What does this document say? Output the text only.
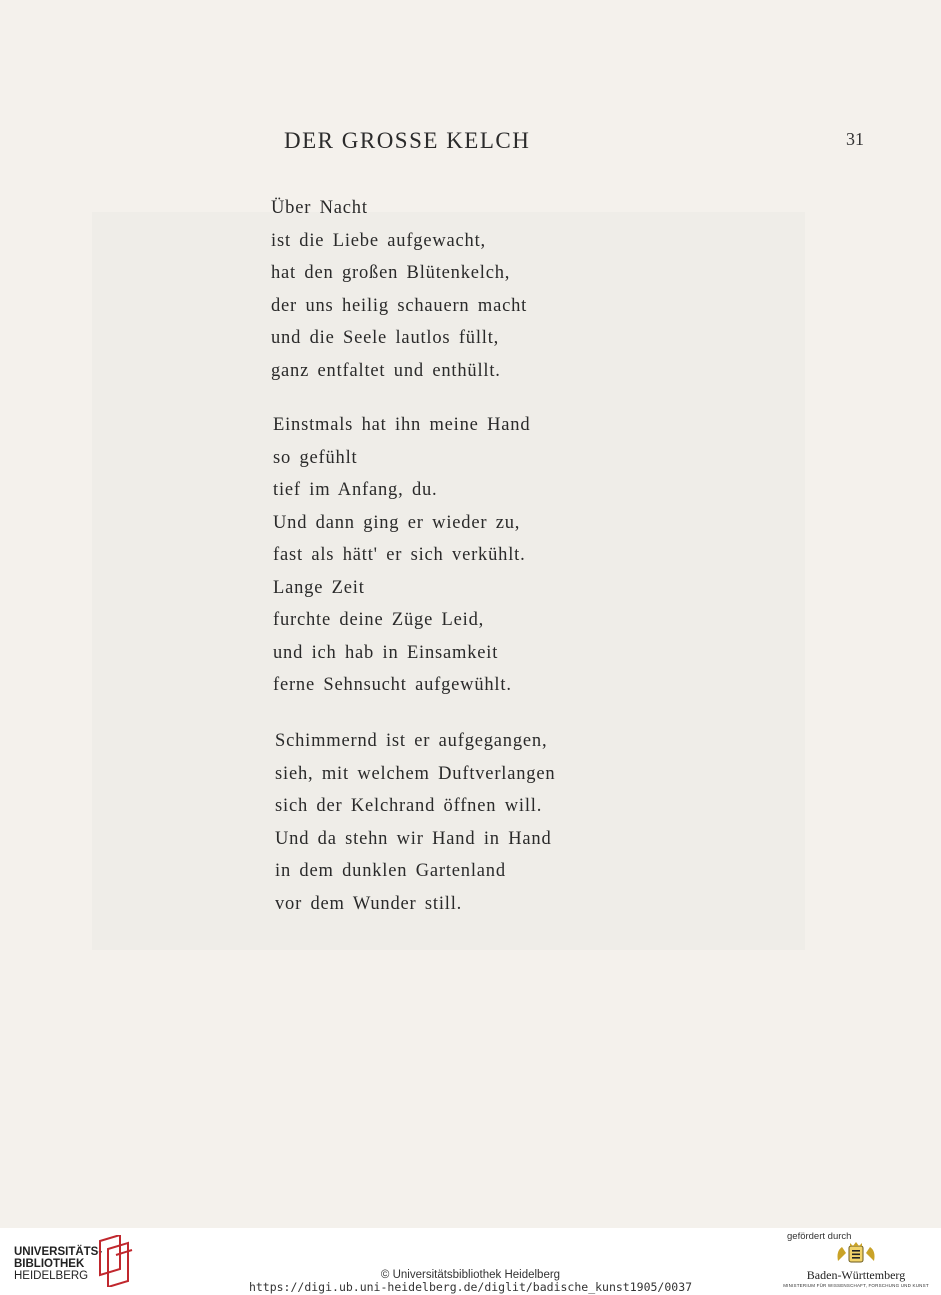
DER GROSSE KELCH	31
Über Nacht
ist die Liebe aufgewacht,
hat den großen Blütenkelch,
der uns heilig schauern macht
und die Seele lautlos füllt,
ganz entfaltet und enthüllt.
Einstmals hat ihn meine Hand
so gefühlt
tief im Anfang, du.
Und dann ging er wieder zu,
fast als hätt' er sich verkühlt.
Lange Zeit
furchte deine Züge Leid,
und ich hab in Einsamkeit
ferne Sehnsucht aufgewühlt.
Schimmernd ist er aufgegangen,
sieh, mit welchem Duftverlangen
sich der Kelchrand öffnen will.
Und da stehn wir Hand in Hand
in dem dunklen Gartenland
vor dem Wunder still.
UNIVERSITÄTS-
BIBLIOTHEK
HEIDELBERG	© Universitätsbibliothek Heidelberg
https://digi.ub.uni-heidelberg.de/diglit/badische_kunst1905/0037
gefördert durch
Baden-Württemberg
MINISTERIUM FÜR WISSENSCHAFT, FORSCHUNG UND KUNST
